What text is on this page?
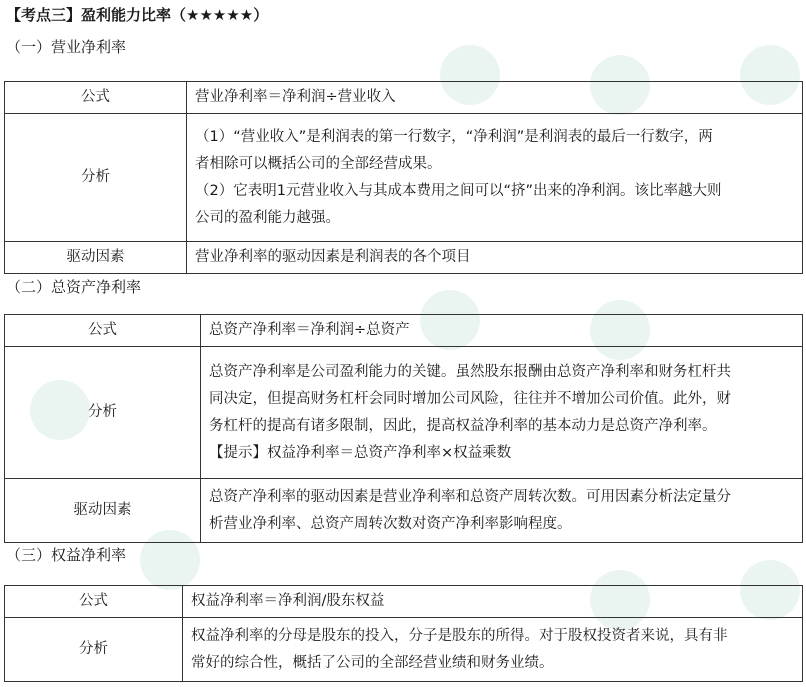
【考点三】盈利能力比率（★★★★★）
（一）营业净利率
公式	营业净利率＝净利润÷营业收入

分析	（1）“营业收入”是利润表的第一行数字，“净利润”是利润表的最后一行数字，两
者相除可以概括公司的全部经营成果。
（2）它表明1元营业收入与其成本费用之间可以“挤”出来的净利润。该比率越大则
公司的盈利能力越强。

驱动因素	营业净利率的驱动因素是利润表的各个项目
（二）总资产净利率
公式	总资产净利率＝净利润÷总资产

分析	总资产净利率是公司盈利能力的关键。虽然股东报酬由总资产净利率和财务杠杆共
同决定，但提高财务杠杆会同时增加公司风险，往往并不增加公司价值。此外，财
务杠杆的提高有诸多限制，因此，提高权益净利率的基本动力是总资产净利率。
【提示】权益净利率＝总资产净利率×权益乘数

驱动因素	总资产净利率的驱动因素是营业净利率和总资产周转次数。可用因素分析法定量分
析营业净利率、总资产周转次数对资产净利率影响程度。
（三）权益净利率
公式	权益净利率＝净利润/股东权益

分析	权益净利率的分母是股东的投入，分子是股东的所得。对于股权投资者来说，具有非
常好的综合性，概括了公司的全部经营业绩和财务业绩。
